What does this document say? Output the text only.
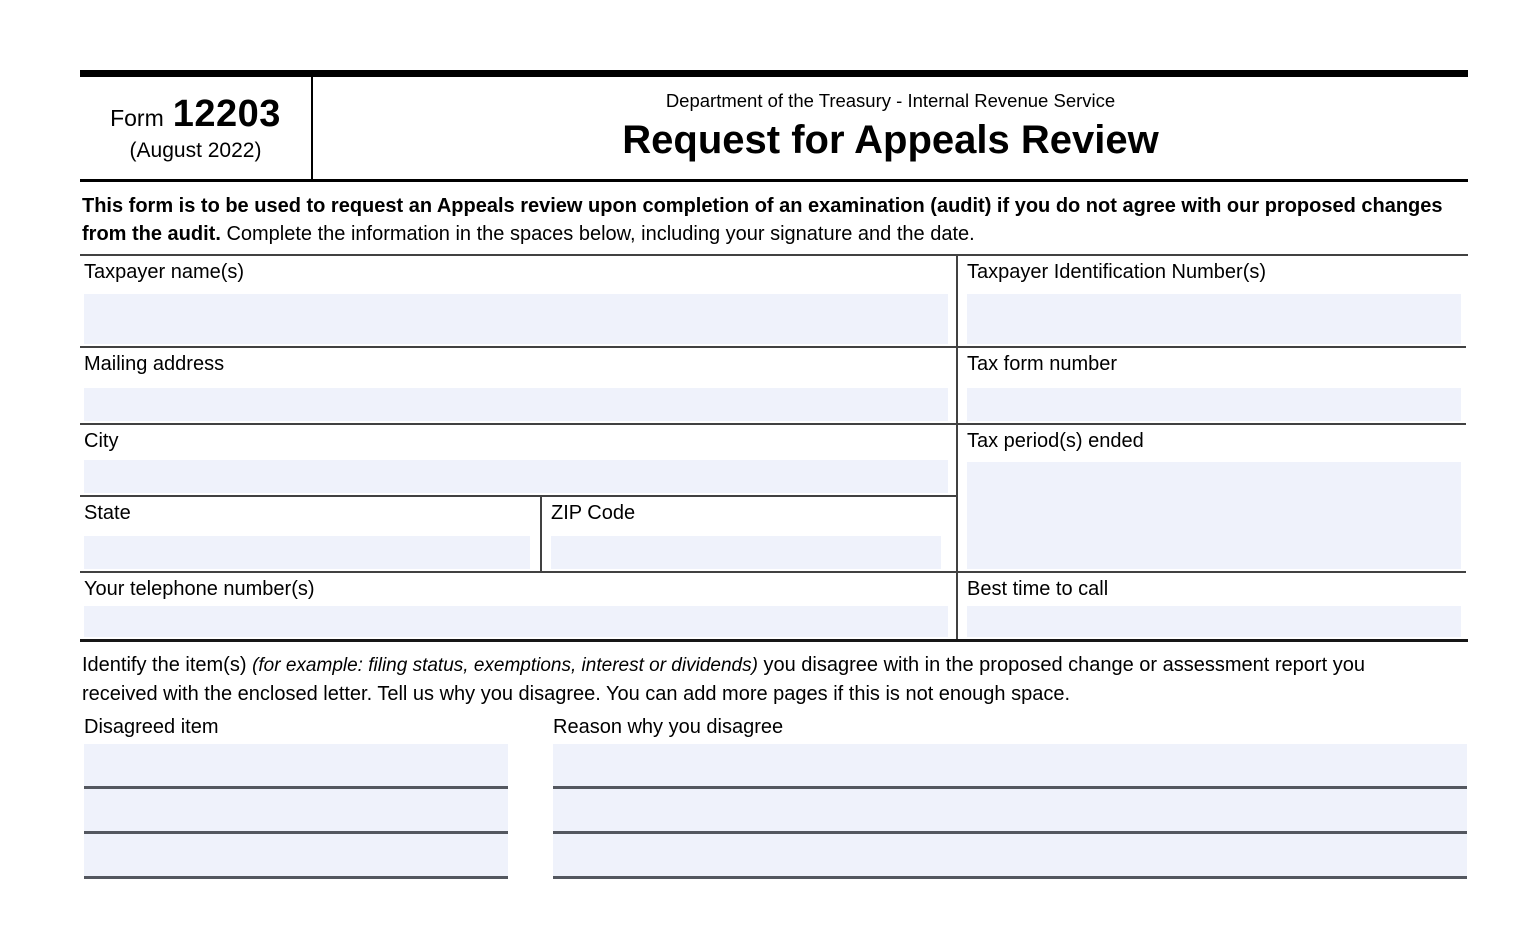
Form 12203
(August 2022)
Department of the Treasury - Internal Revenue Service
Request for Appeals Review

This form is to be used to request an Appeals review upon completion of an examination (audit) if you do not agree with our proposed changes from the audit. Complete the information in the spaces below, including your signature and the date.

Taxpayer name(s)
Mailing address
City
State	ZIP Code
Your telephone number(s)
Taxpayer Identification Number(s)
Tax form number
Tax period(s) ended
Best time to call

Identify the item(s) (for example: filing status, exemptions, interest or dividends) you disagree with in the proposed change or assessment report you received with the enclosed letter. Tell us why you disagree. You can add more pages if this is not enough space.

Disagreed item	Reason why you disagree
